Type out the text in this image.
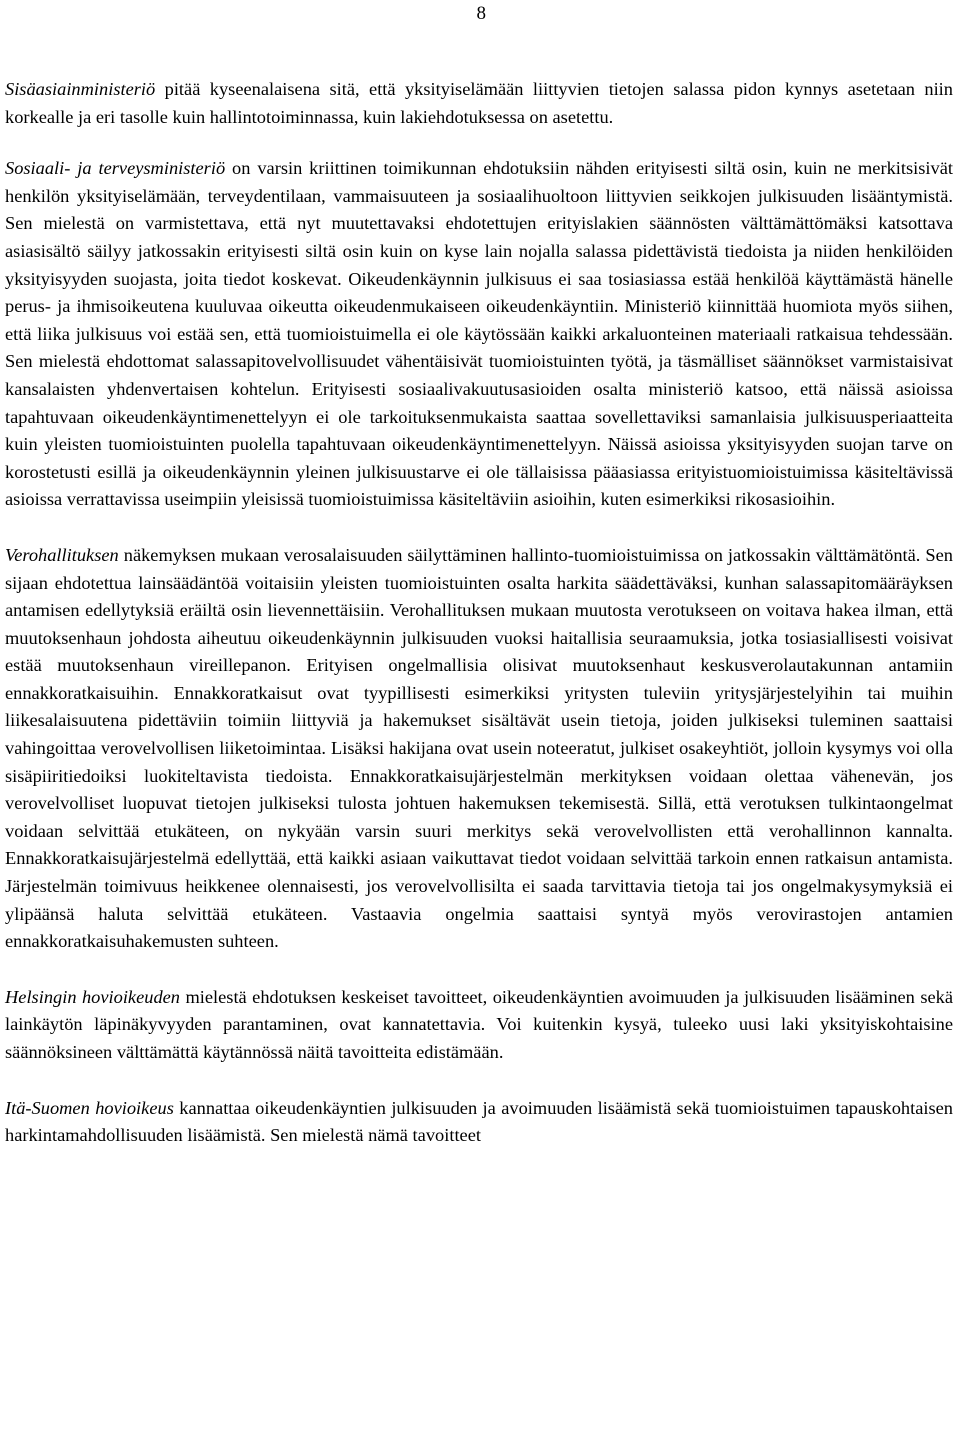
8

Sisäasiainministeriö pitää kyseenalaisena sitä, että yksityiselämään liittyvien tietojen salassa pidon kynnys asetetaan niin korkealle ja eri tasolle kuin hallintotoiminnassa, kuin lakiehdotuksessa on asetettu.

Sosiaali- ja terveysministeriö on varsin kriittinen toimikunnan ehdotuksiin nähden erityisesti siltä osin, kuin ne merkitsisivät henkilön yksityiselämään, terveydentilaan, vammaisuuteen ja sosiaalihuoltoon liittyvien seikkojen julkisuuden lisääntymistä. Sen mielestä on varmistettava, että nyt muutettavaksi ehdotettujen erityislakien säännösten välttämättömäksi katsottava asiasisältö säilyy jatkossakin erityisesti siltä osin kuin on kyse lain nojalla salassa pidettävistä tiedoista ja niiden henkilöiden yksityisyyden suojasta, joita tiedot koskevat. Oikeudenkäynnin julkisuus ei saa tosiasiassa estää henkilöä käyttämästä hänelle perus- ja ihmisoikeutena kuuluvaa oikeutta oikeudenmukaiseen oikeudenkäyntiin. Ministeriö kiinnittää huomiota myös siihen, että liika julkisuus voi estää sen, että tuomioistuimella ei ole käytössään kaikki arkaluonteinen materiaali ratkaisua tehdessään. Sen mielestä ehdottomat salassapitovelvollisuudet vähentäisivät tuomioistuinten työtä, ja täsmälliset säännökset varmistaisivat kansalaisten yhdenvertaisen kohtelun. Erityisesti sosiaalivakuutusasioiden osalta ministeriö katsoo, että näissä asioissa tapahtuvaan oikeudenkäyntimenettelyyn ei ole tarkoituksenmukaista saattaa sovellettaviksi samanlaisia julkisuusperiaatteita kuin yleisten tuomioistuinten puolella tapahtuvaan oikeudenkäyntimenettelyyn. Näissä asioissa yksityisyyden suojan tarve on korostetusti esillä ja oikeudenkäynnin yleinen julkisuustarve ei ole tällaisissa pääasiassa erityistuomioistuimissa käsiteltävissä asioissa verrattavissa useimpiin yleisissä tuomioistuimissa käsiteltäviin asioihin, kuten esimerkiksi rikosasioihin.

Verohallituksen näkemyksen mukaan verosalaisuuden säilyttäminen hallinto-tuomioistuimissa on jatkossakin välttämätöntä. Sen sijaan ehdotettua lainsäädäntöä voitaisiin yleisten tuomioistuinten osalta harkita säädettäväksi, kunhan salassapitomääräyksen antamisen edellytyksiä eräiltä osin lievennettäisiin. Verohallituksen mukaan muutosta verotukseen on voitava hakea ilman, että muutoksenhaun johdosta aiheutuu oikeudenkäynnin julkisuuden vuoksi haitallisia seuraamuksia, jotka tosiasiallisesti voisivat estää muutoksenhaun vireillepanon. Erityisen ongelmallisia olisivat muutoksenhaut keskusverolautakunnan antamiin ennakkoratkaisuihin. Ennakkoratkaisut ovat tyypillisesti esimerkiksi yritysten tuleviin yritysjärjestelyihin tai muihin liikesalaisuutena pidettäviin toimiin liittyviä ja hakemukset sisältävät usein tietoja, joiden julkiseksi tuleminen saattaisi vahingoittaa verovelvollisen liiketoimintaa. Lisäksi hakijana ovat usein noteeratut, julkiset osakeyhtiöt, jolloin kysymys voi olla sisäpiiritiedoiksi luokiteltavista tiedoista. Ennakkoratkaisujärjestelmän merkityksen voidaan olettaa vähenevän, jos verovelvolliset luopuvat tietojen julkiseksi tulosta johtuen hakemuksen tekemisestä. Sillä, että verotuksen tulkintaongelmat voidaan selvittää etukäteen, on nykyään varsin suuri merkitys sekä verovelvollisten että verohallinnon kannalta. Ennakkoratkaisujärjestelmä edellyttää, että kaikki asiaan vaikuttavat tiedot voidaan selvittää tarkoin ennen ratkaisun antamista. Järjestelmän toimivuus heikkenee olennaisesti, jos verovelvollisilta ei saada tarvittavia tietoja tai jos ongelmakysymyksiä ei ylipäänsä haluta selvittää etukäteen. Vastaavia ongelmia saattaisi syntyä myös verovirastojen antamien ennakkoratkaisuhakemusten suhteen.

Helsingin hovioikeuden mielestä ehdotuksen keskeiset tavoitteet, oikeudenkäyntien avoimuuden ja julkisuuden lisääminen sekä lainkäytön läpinäkyvyyden parantaminen, ovat kannatettavia. Voi kuitenkin kysyä, tuleeko uusi laki yksityiskohtaisine säännöksineen välttämättä käytännössä näitä tavoitteita edistämään.

Itä-Suomen hovioikeus kannattaa oikeudenkäyntien julkisuuden ja avoimuuden lisäämistä sekä tuomioistuimen tapauskohtaisen harkintamahdollisuuden lisäämistä. Sen mielestä nämä tavoitteet
